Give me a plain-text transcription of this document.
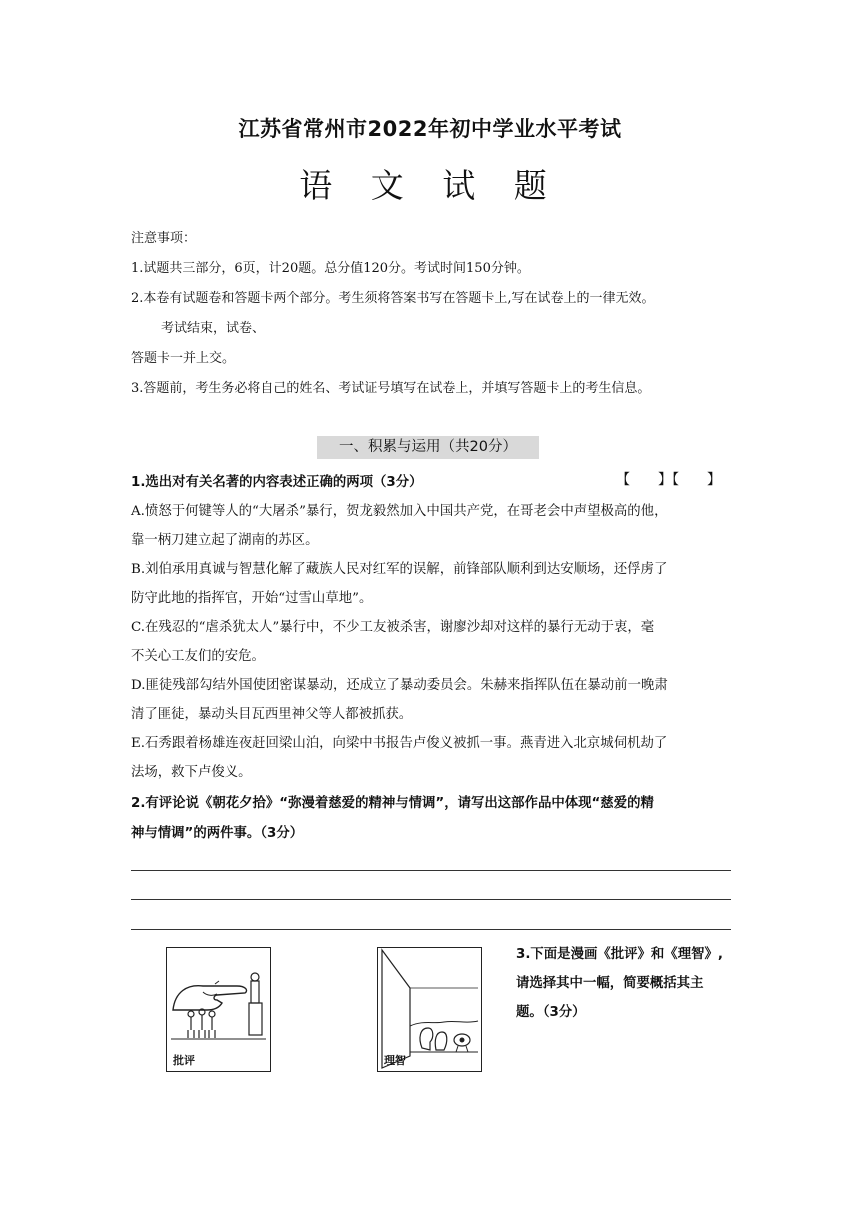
江苏省常州市2022年初中学业水平考试
语 文 试 题
注意事项：
1.试题共三部分，6页，计20题。总分值120分。考试时间150分钟。
2.本卷有试题卷和答题卡两个部分。考生须将答案书写在答题卡上,写在试卷上的一律无效。
考试结束，试卷、
答题卡一并上交。
3.答题前，考生务必将自己的姓名、考试证号填写在试卷上，并填写答题卡上的考生信息。
一、积累与运用（共20分）
1.选出对有关名著的内容表述正确的两项（3分）	【　　】【　　】
A.愤怒于何键等人的“大屠杀”暴行，贺龙毅然加入中国共产党，在哥老会中声望极高的他，
靠一柄刀建立起了湖南的苏区。
B.刘伯承用真诚与智慧化解了藏族人民对红军的误解，前锋部队顺利到达安顺场，还俘虏了
防守此地的指挥官，开始“过雪山草地”。
C.在残忍的“虐杀犹太人”暴行中，不少工友被杀害，谢廖沙却对这样的暴行无动于衷，毫
不关心工友们的安危。
D.匪徒残部勾结外国使团密谋暴动，还成立了暴动委员会。朱赫来指挥队伍在暴动前一晚肃
清了匪徒，暴动头目瓦西里神父等人都被抓获。
E.石秀跟着杨雄连夜赶回梁山泊，向梁中书报告卢俊义被抓一事。燕青进入北京城伺机劫了
法场，救下卢俊义。
2.有评论说《朝花夕拾》“弥漫着慈爱的精神与情调”，请写出这部作品中体现“慈爱的精
神与情调”的两件事。（3分）
3.下面是漫画《批评》和《理智》,
请选择其中一幅，简要概括其主
题。（3分）
批评	理智
